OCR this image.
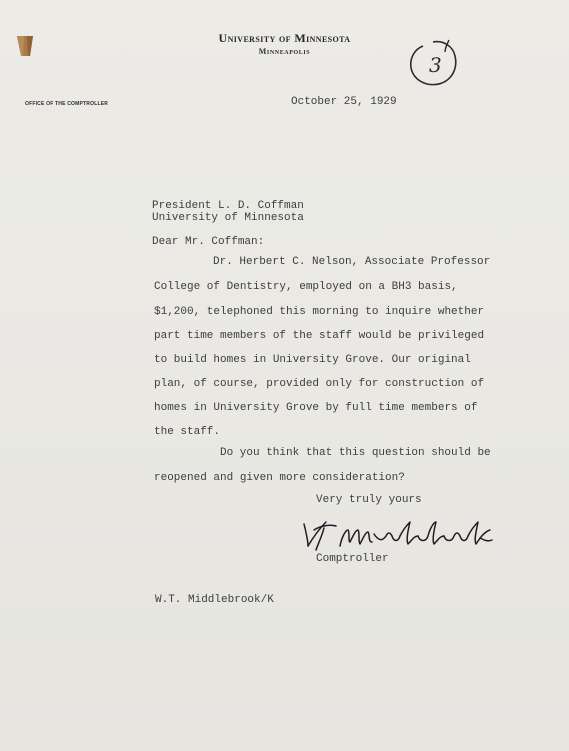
University of Minnesota
Minneapolis
OFFICE OF THE COMPTROLLER
3
October 25, 1929
President L. D. Coffman
University of Minnesota
Dear Mr. Coffman:
Dr. Herbert C. Nelson, Associate Professor
College of Dentistry, employed on a BH3 basis,
$1,200, telephoned this morning to inquire whether
part time members of the staff would be privileged
to build homes in University Grove. Our original
plan, of course, provided only for construction of
homes in University Grove by full time members of
the staff.
Do you think that this question should be
reopened and given more consideration?
Very truly yours
Comptroller
W.T. Middlebrook/K
